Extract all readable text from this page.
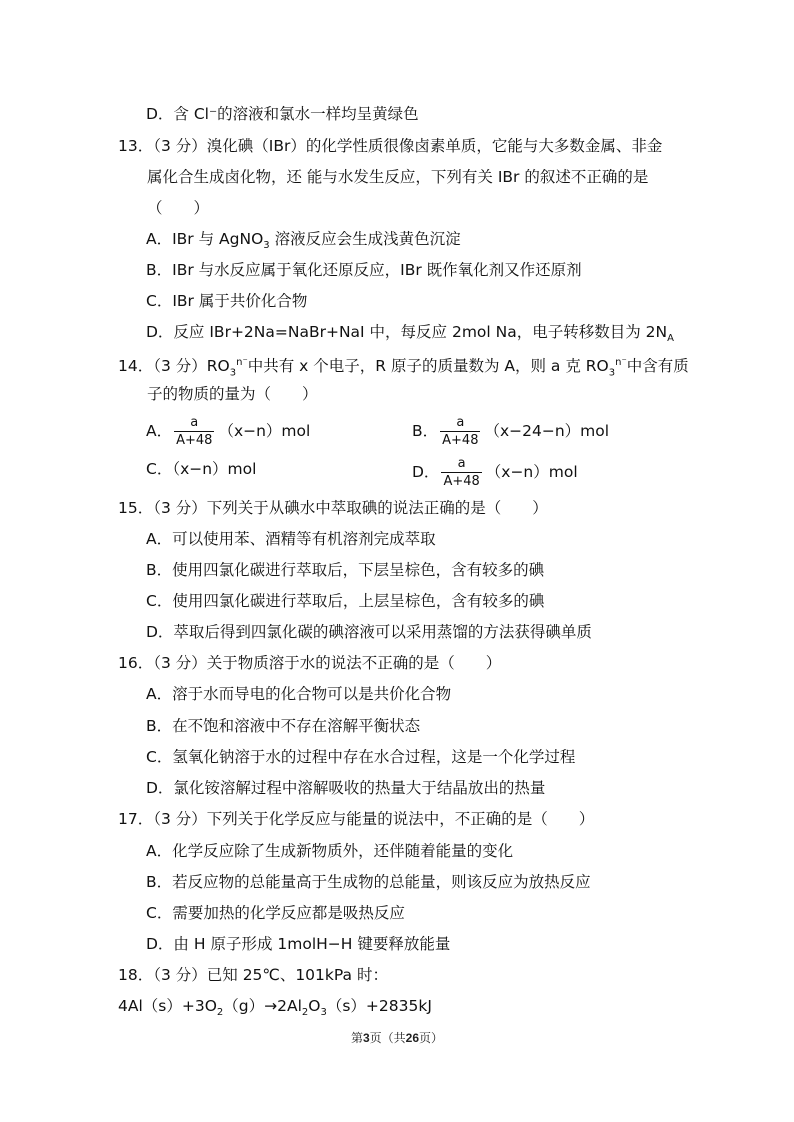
D．含 Cl⁻的溶液和氯水一样均呈黄绿色
13．（3 分）溴化碘（IBr）的化学性质很像卤素单质，它能与大多数金属、非金
属化合生成卤化物，还 能与水发生反应，下列有关 IBr 的叙述不正确的是
（　　）
A．IBr 与 AgNO$_3$ 溶液反应会生成浅黄色沉淀
B．IBr 与水反应属于氧化还原反应，IBr 既作氧化剂又作还原剂
C．IBr 属于共价化合物
D．反应 IBr+2Na=NaBr+NaI 中，每反应 2mol Na，电子转移数目为 $2N_A$
14．（3 分）$RO_3^{n^-}$中共有 x 个电子，R 原子的质量数为 A，则 a 克 $RO_3^{n^-}$中含有质
子的物质的量为（　　）
A． $\frac{a}{A+48} (x-n)mol$	B． $\frac{a}{A+48} (x-24-n)mol$
C．（x−n）mol	D． $\frac{a}{A+48} (x-n)mol$
15．（3 分）下列关于从碘水中萃取碘的说法正确的是（　　）
A．可以使用苯、酒精等有机溶剂完成萃取
B．使用四氯化碳进行萃取后，下层呈棕色，含有较多的碘
C．使用四氯化碳进行萃取后，上层呈棕色，含有较多的碘
D．萃取后得到四氯化碳的碘溶液可以采用蒸馏的方法获得碘单质
16．（3 分）关于物质溶于水的说法不正确的是（　　）
A．溶于水而导电的化合物可以是共价化合物
B．在不饱和溶液中不存在溶解平衡状态
C．氢氧化钠溶于水的过程中存在水合过程，这是一个化学过程
D．氯化铵溶解过程中溶解吸收的热量大于结晶放出的热量
17．（3 分）下列关于化学反应与能量的说法中，不正确的是（　　）
A．化学反应除了生成新物质外，还伴随着能量的变化
B．若反应物的总能量高于生成物的总能量，则该反应为放热反应
C．需要加热的化学反应都是吸热反应
D．由 H 原子形成 1molH−H 键要释放能量
18．（3 分）已知 25℃、101kPa 时：
$4Al(s)+3O_2(g)\to 2Al_2O_3(s)+2835kJ$
第3页（共26页）
